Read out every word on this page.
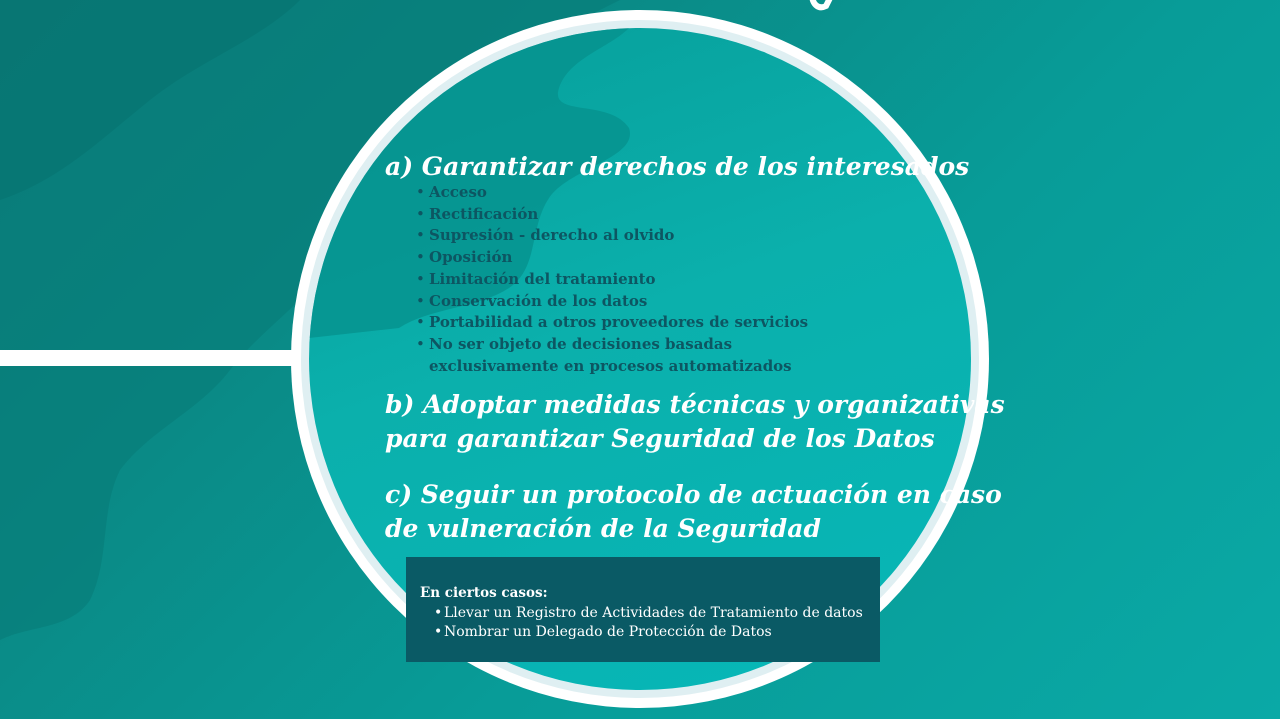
a) Garantizar derechos de los interesados
• Acceso
• Rectificación
• Supresión - derecho al olvido
• Oposición
• Limitación del tratamiento
• Conservación de los datos
• Portabilidad a otros proveedores de servicios
• No ser objeto de decisiones basadas
exclusivamente en procesos automatizados
b) Adoptar medidas técnicas y organizativas
para garantizar Seguridad de los Datos
c) Seguir un protocolo de actuación en caso
de vulneración de la Seguridad
En ciertos casos:
• Llevar un Registro de Actividades de Tratamiento de datos
• Nombrar un Delegado de Protección de Datos
